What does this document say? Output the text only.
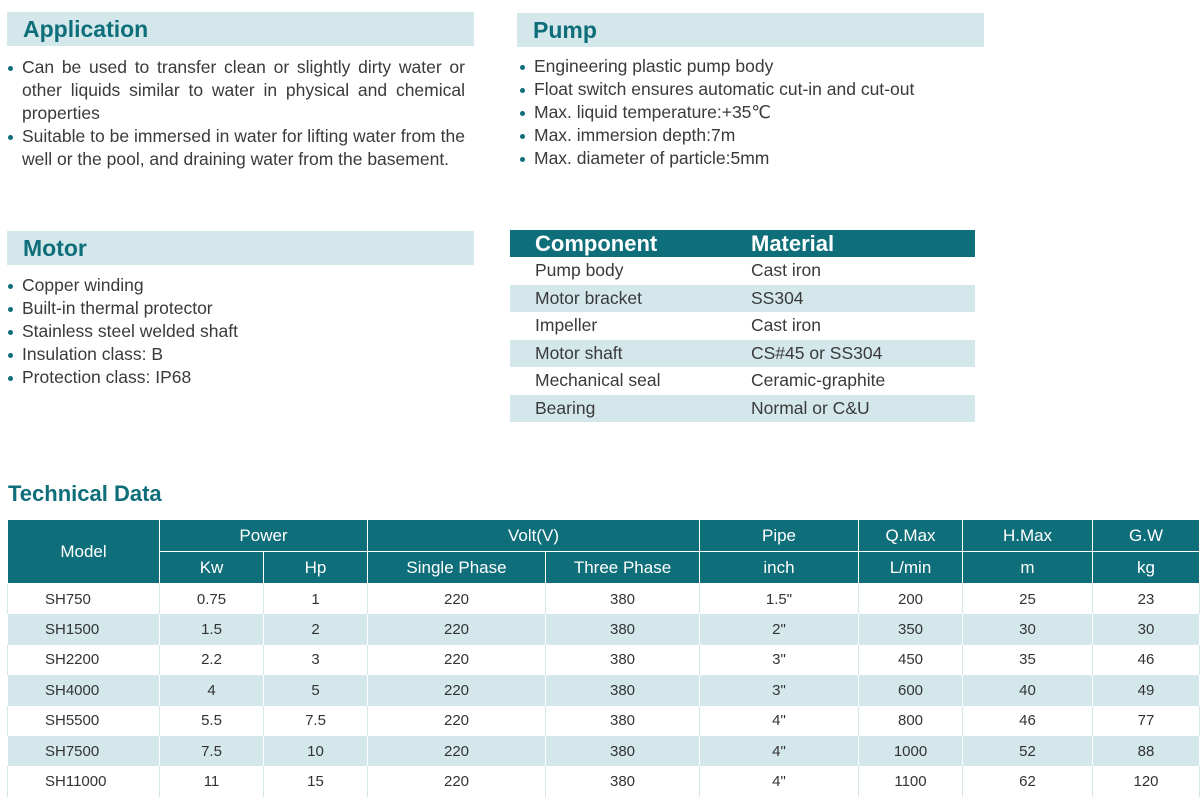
Application
Can be used to transfer clean or slightly dirty water or other liquids similar to water in physical and chemical properties
Suitable to be immersed in water for lifting water from the well or the pool, and draining water from the basement.
Pump
Engineering plastic pump body
Float switch ensures automatic cut-in and cut-out
Max. liquid temperature:+35℃
Max. immersion depth:7m
Max. diameter of particle:5mm
Motor
Copper winding
Built-in thermal protector
Stainless steel welded shaft
Insulation class: B
Protection class: IP68
Component	Material
Pump body	Cast iron
Motor bracket	SS304
Impeller	Cast iron
Motor shaft	CS#45 or SS304
Mechanical seal	Ceramic-graphite
Bearing	Normal or C&U
Technical Data
Model	Power		Volt(V)		Pipe	Q.Max	H.Max	G.W
	Kw	Hp	Single Phase	Three Phase	inch	L/min	m	kg
SH750	0.75	1	220	380	1.5"	200	25	23
SH1500	1.5	2	220	380	2"	350	30	30
SH2200	2.2	3	220	380	3"	450	35	46
SH4000	4	5	220	380	3"	600	40	49
SH5500	5.5	7.5	220	380	4"	800	46	77
SH7500	7.5	10	220	380	4"	1000	52	88
SH11000	11	15	220	380	4"	1100	62	120
